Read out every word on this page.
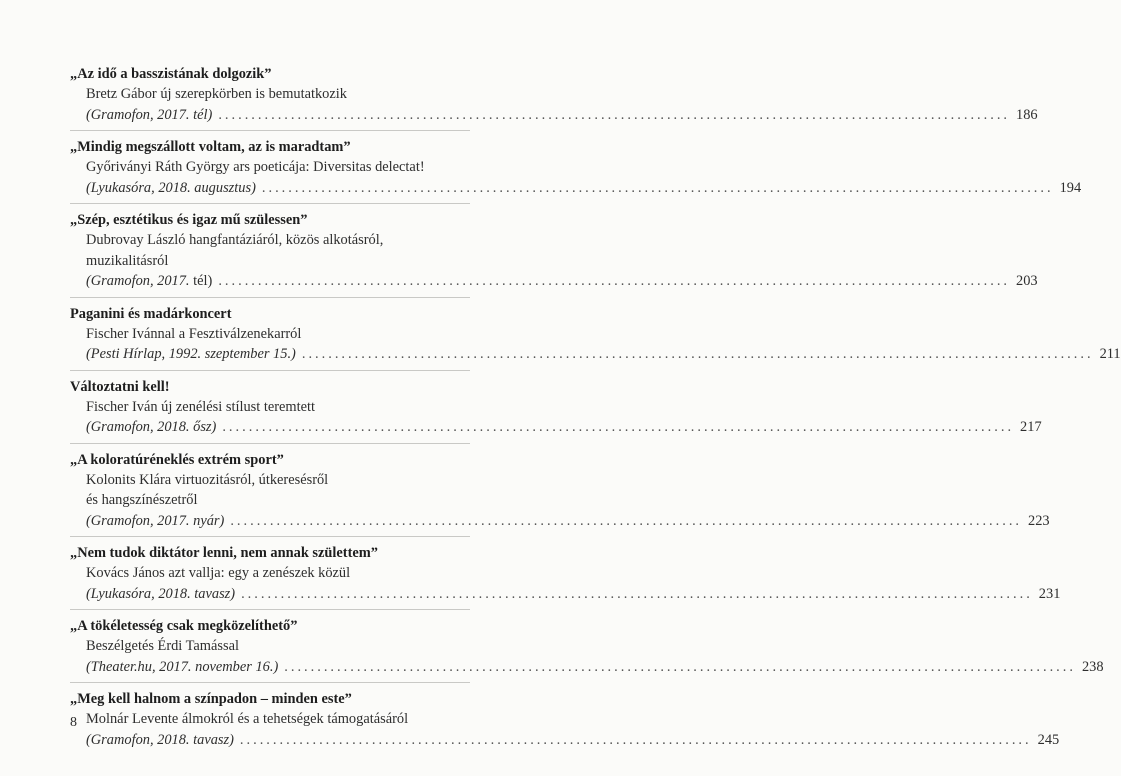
„Az idő a basszistának dolgozik”
Bretz Gábor új szerepkörben is bemutatkozik
(Gramofon, 2017. tél) ........................................................................................................................ 186
„Mindig megszállott voltam, az is maradtam”
Győriványi Ráth György ars poeticája: Diversitas delectat!
(Lyukasóra, 2018. augusztus) ........................................................................................................................ 194
„Szép, esztétikus és igaz mű szülessen”
Dubrovay László hangfantáziáról, közös alkotásról,
muzikalitásról
(Gramofon, 2017. tél) ........................................................................................................................ 203
Paganini és madárkoncert
Fischer Ivánnal a Fesztiválzenekarról
(Pesti Hírlap, 1992. szeptember 15.) ........................................................................................................................ 211
Változtatni kell!
Fischer Iván új zenélési stílust teremtett
(Gramofon, 2018. ősz) ........................................................................................................................ 217
„A koloratúréneklés extrém sport”
Kolonits Klára virtuozitásról, útkeresésről
és hangszínészetről
(Gramofon, 2017. nyár) ........................................................................................................................ 223
„Nem tudok diktátor lenni, nem annak születtem”
Kovács János azt vallja: egy a zenészek közül
(Lyukasóra, 2018. tavasz) ........................................................................................................................ 231
„A tökéletesség csak megközelíthető”
Beszélgetés Érdi Tamással
(Theater.hu, 2017. november 16.) ........................................................................................................................ 238
„Meg kell halnom a színpadon – minden este”
Molnár Levente álmokról és a tehetségek támogatásáról
(Gramofon, 2018. tavasz) ........................................................................................................................ 245
8
